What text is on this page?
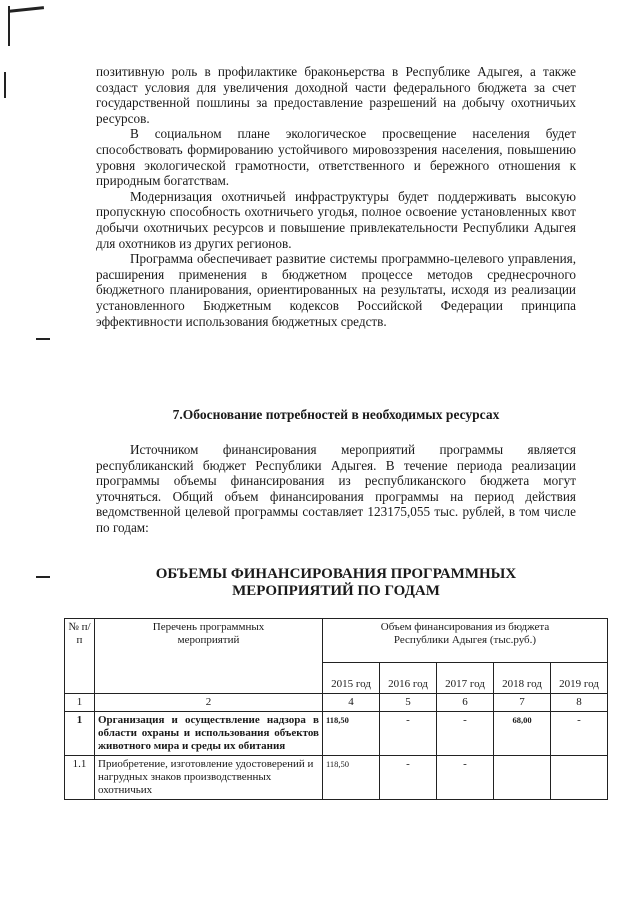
позитивную роль в профилактике браконьерства в Республике Адыгея, а также создаст условия для увеличения доходной части федерального бюджета за счет государственной пошлины за предоставление разрешений на добычу охотничьих ресурсов.

В социальном плане экологическое просвещение населения будет способствовать формированию устойчивого мировоззрения населения, повышению уровня экологической грамотности, ответственного и бережного отношения к природным богатствам.

Модернизация охотничьей инфраструктуры будет поддерживать высокую пропускную способность охотничьего угодья, полное освоение установленных квот добычи охотничьих ресурсов и повышение привлекательности Республики Адыгея для охотников из других регионов.

Программа обеспечивает развитие системы программно-целевого управления, расширения применения в бюджетном процессе методов среднесрочного бюджетного планирования, ориентированных на результаты, исходя из реализации установленного Бюджетным кодексов Российской Федерации принципа эффективности использования бюджетных средств.

7.Обоснование потребностей в необходимых ресурсах

Источником финансирования мероприятий программы является республиканский бюджет Республики Адыгея. В течение периода реализации программы объемы финансирования из республиканского бюджета могут уточняться. Общий объем финансирования программы на период действия ведомственной целевой программы составляет 123175,055 тыс. рублей, в том числе по годам:

ОБЪЕМЫ ФИНАНСИРОВАНИЯ ПРОГРАММНЫХ МЕРОПРИЯТИЙ ПО ГОДАМ
№ п/п	Перечень программных мероприятий	Объем финансирования из бюджета Республики Адыгея (тыс.руб.)				
		2015 год	2016 год	2017 год	2018 год	2019 год
1	2	4	5	6	7	8
1	Организация и осуществление надзора в области охраны и использования объектов животного мира и среды их обитания	118,50	-	-	68,00	-
1.1	Приобретение, изготовление удостоверений и нагрудных знаков производственных охотничьих	118,50	-	-		
